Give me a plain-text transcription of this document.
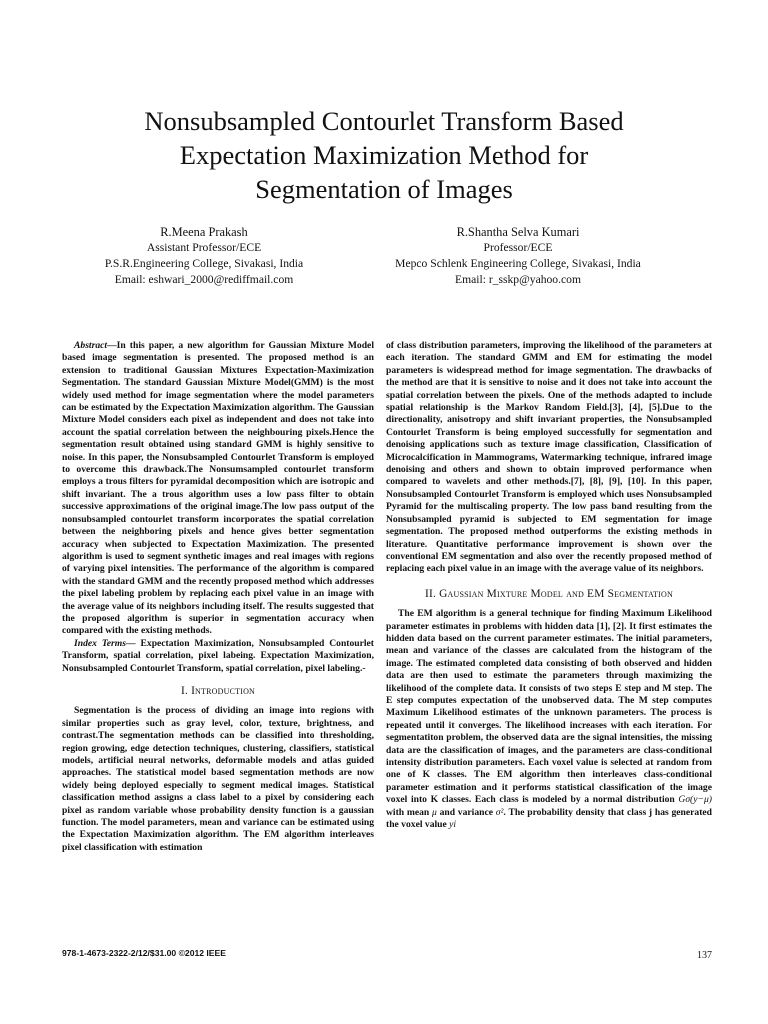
Nonsubsampled Contourlet Transform Based
Expectation Maximization Method for
Segmentation of Images
R.Meena Prakash
Assistant Professor/ECE
P.S.R.Engineering College, Sivakasi, India
Email: eshwari_2000@rediffmail.com
R.Shantha Selva Kumari
Professor/ECE
Mepco Schlenk Engineering College, Sivakasi, India
Email: r_sskp@yahoo.com

Abstract—In this paper, a new algorithm for Gaussian Mixture Model based image segmentation is presented. The proposed method is an extension to traditional Gaussian Mixtures Expectation-Maximization Segmentation. The standard Gaussian Mixture Model(GMM) is the most widely used method for image segmentation where the model parameters can be estimated by the Expectation Maximization algorithm. The Gaussian Mixture Model considers each pixel as independent and does not take into account the spatial correlation between the neighbouring pixels.Hence the segmentation result obtained using standard GMM is highly sensitive to noise. In this paper, the Nonsubsampled Contourlet Transform is employed to overcome this drawback.The Nonsumsampled contourlet transform employs a trous filters for pyramidal decomposition which are isotropic and shift invariant. The a trous algorithm uses a low pass filter to obtain successive approximations of the original image.The low pass output of the nonsubsampled contourlet transform incorporates the spatial correlation between the neighboring pixels and hence gives better segmentation accuracy when subjected to Expectation Maximization. The presented algorithm is used to segment synthetic images and real images with regions of varying pixel intensities. The performance of the algorithm is compared with the standard GMM and the recently proposed method which addresses the pixel labeling problem by replacing each pixel value in an image with the average value of its neighbors including itself. The results suggested that the proposed algorithm is superior in segmentation accuracy when compared with the existing methods.

Index Terms— Expectation Maximization, Nonsubsampled Contourlet Transform, spatial correlation, pixel labeing. Expectation Maximization, Nonsubsampled Contourlet Transform, spatial correlation, pixel labeling.-

I. Introduction

Segmentation is the process of dividing an image into regions with similar properties such as gray level, color, texture, brightness, and contrast.The segmentation methods can be classified into thresholding, region growing, edge detection techniques, clustering, classifiers, statistical models, artificial neural networks, deformable models and atlas guided approaches. The statistical model based segmentation methods are now widely being deployed especially to segment medical images. Statistical classification method assigns a class label to a pixel by considering each pixel as random variable whose probability density function is a gaussian function. The model parameters, mean and variance can be estimated using the Expectation Maximization algorithm. The EM algorithm interleaves pixel classification with estimation

of class distribution parameters, improving the likelihood of the parameters at each iteration. The standard GMM and EM for estimating the model parameters is widespread method for image segmentation. The drawbacks of the method are that it is sensitive to noise and it does not take into account the spatial correlation between the pixels. One of the methods adapted to include spatial relationship is the Markov Random Field.[3], [4], [5].Due to the directionality, anisotropy and shift invariant properties, the Nonsubsampled Contourlet Transform is being employed successfully for segmentation and denoising applications such as texture image classification, Classification of Microcalcification in Mammograms, Watermarking technique, infrared image denoising and others and shown to obtain improved performance when compared to wavelets and other methods.[7], [8], [9], [10]. In this paper, Nonsubsampled Contourlet Transform is employed which uses Nonsubsampled Pyramid for the multiscaling property. The low pass band resulting from the Nonsubsampled pyramid is subjected to EM segmentation for image segmentation. The proposed method outperforms the existing methods in literature. Quantitative performance improvement is shown over the conventional EM segmentation and also over the recently proposed method of replacing each pixel value in an image with the average value of its neighbors.

II. Gaussian Mixture Model and EM Segmentation

The EM algorithm is a general technique for finding Maximum Likelihood parameter estimates in problems with hidden data [1], [2]. It first estimates the hidden data based on the current parameter estimates. The initial parameters, mean and variance of the classes are calculated from the histogram of the image. The estimated completed data consisting of both observed and hidden data are then used to estimate the parameters through maximizing the likelihood of the complete data. It consists of two steps E step and M step. The E step computes expectation of the unobserved data. The M step computes Maximum Likelihood estimates of the unknown parameters. The process is repeated until it converges. The likelihood increases with each iteration. For segmentatiton problem, the observed data are the signal intensities, the missing data are the classification of images, and the parameters are class-conditional intensity distribution parameters. Each voxel value is selected at random from one of K classes. The EM algorithm then interleaves class-conditional parameter estimation and it performs statistical classification of the image voxel into K classes. Each class is modeled by a normal distribution Gσ(y−μ) with mean μ and variance σ². The probability density that class j has generated the voxel value yi

978-1-4673-2322-2/12/$31.00 ©2012 IEEE	137
